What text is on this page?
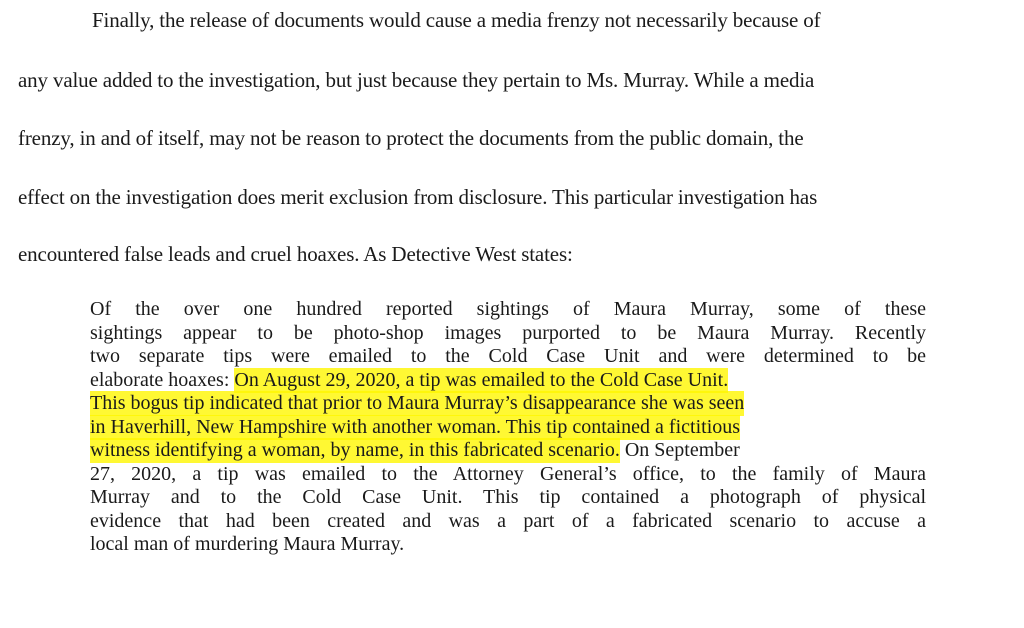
Finally, the release of documents would cause a media frenzy not necessarily because of
any value added to the investigation, but just because they pertain to Ms. Murray. While a media
frenzy, in and of itself, may not be reason to protect the documents from the public domain, the
effect on the investigation does merit exclusion from disclosure. This particular investigation has
encountered false leads and cruel hoaxes. As Detective West states:
Of the over one hundred reported sightings of Maura Murray, some of these
sightings appear to be photo-shop images purported to be Maura Murray. Recently
two separate tips were emailed to the Cold Case Unit and were determined to be
elaborate hoaxes: On August 29, 2020, a tip was emailed to the Cold Case Unit.
This bogus tip indicated that prior to Maura Murray’s disappearance she was seen
in Haverhill, New Hampshire with another woman. This tip contained a fictitious
witness identifying a woman, by name, in this fabricated scenario. On September
27, 2020, a tip was emailed to the Attorney General’s office, to the family of Maura
Murray and to the Cold Case Unit. This tip contained a photograph of physical
evidence that had been created and was a part of a fabricated scenario to accuse a
local man of murdering Maura Murray.
